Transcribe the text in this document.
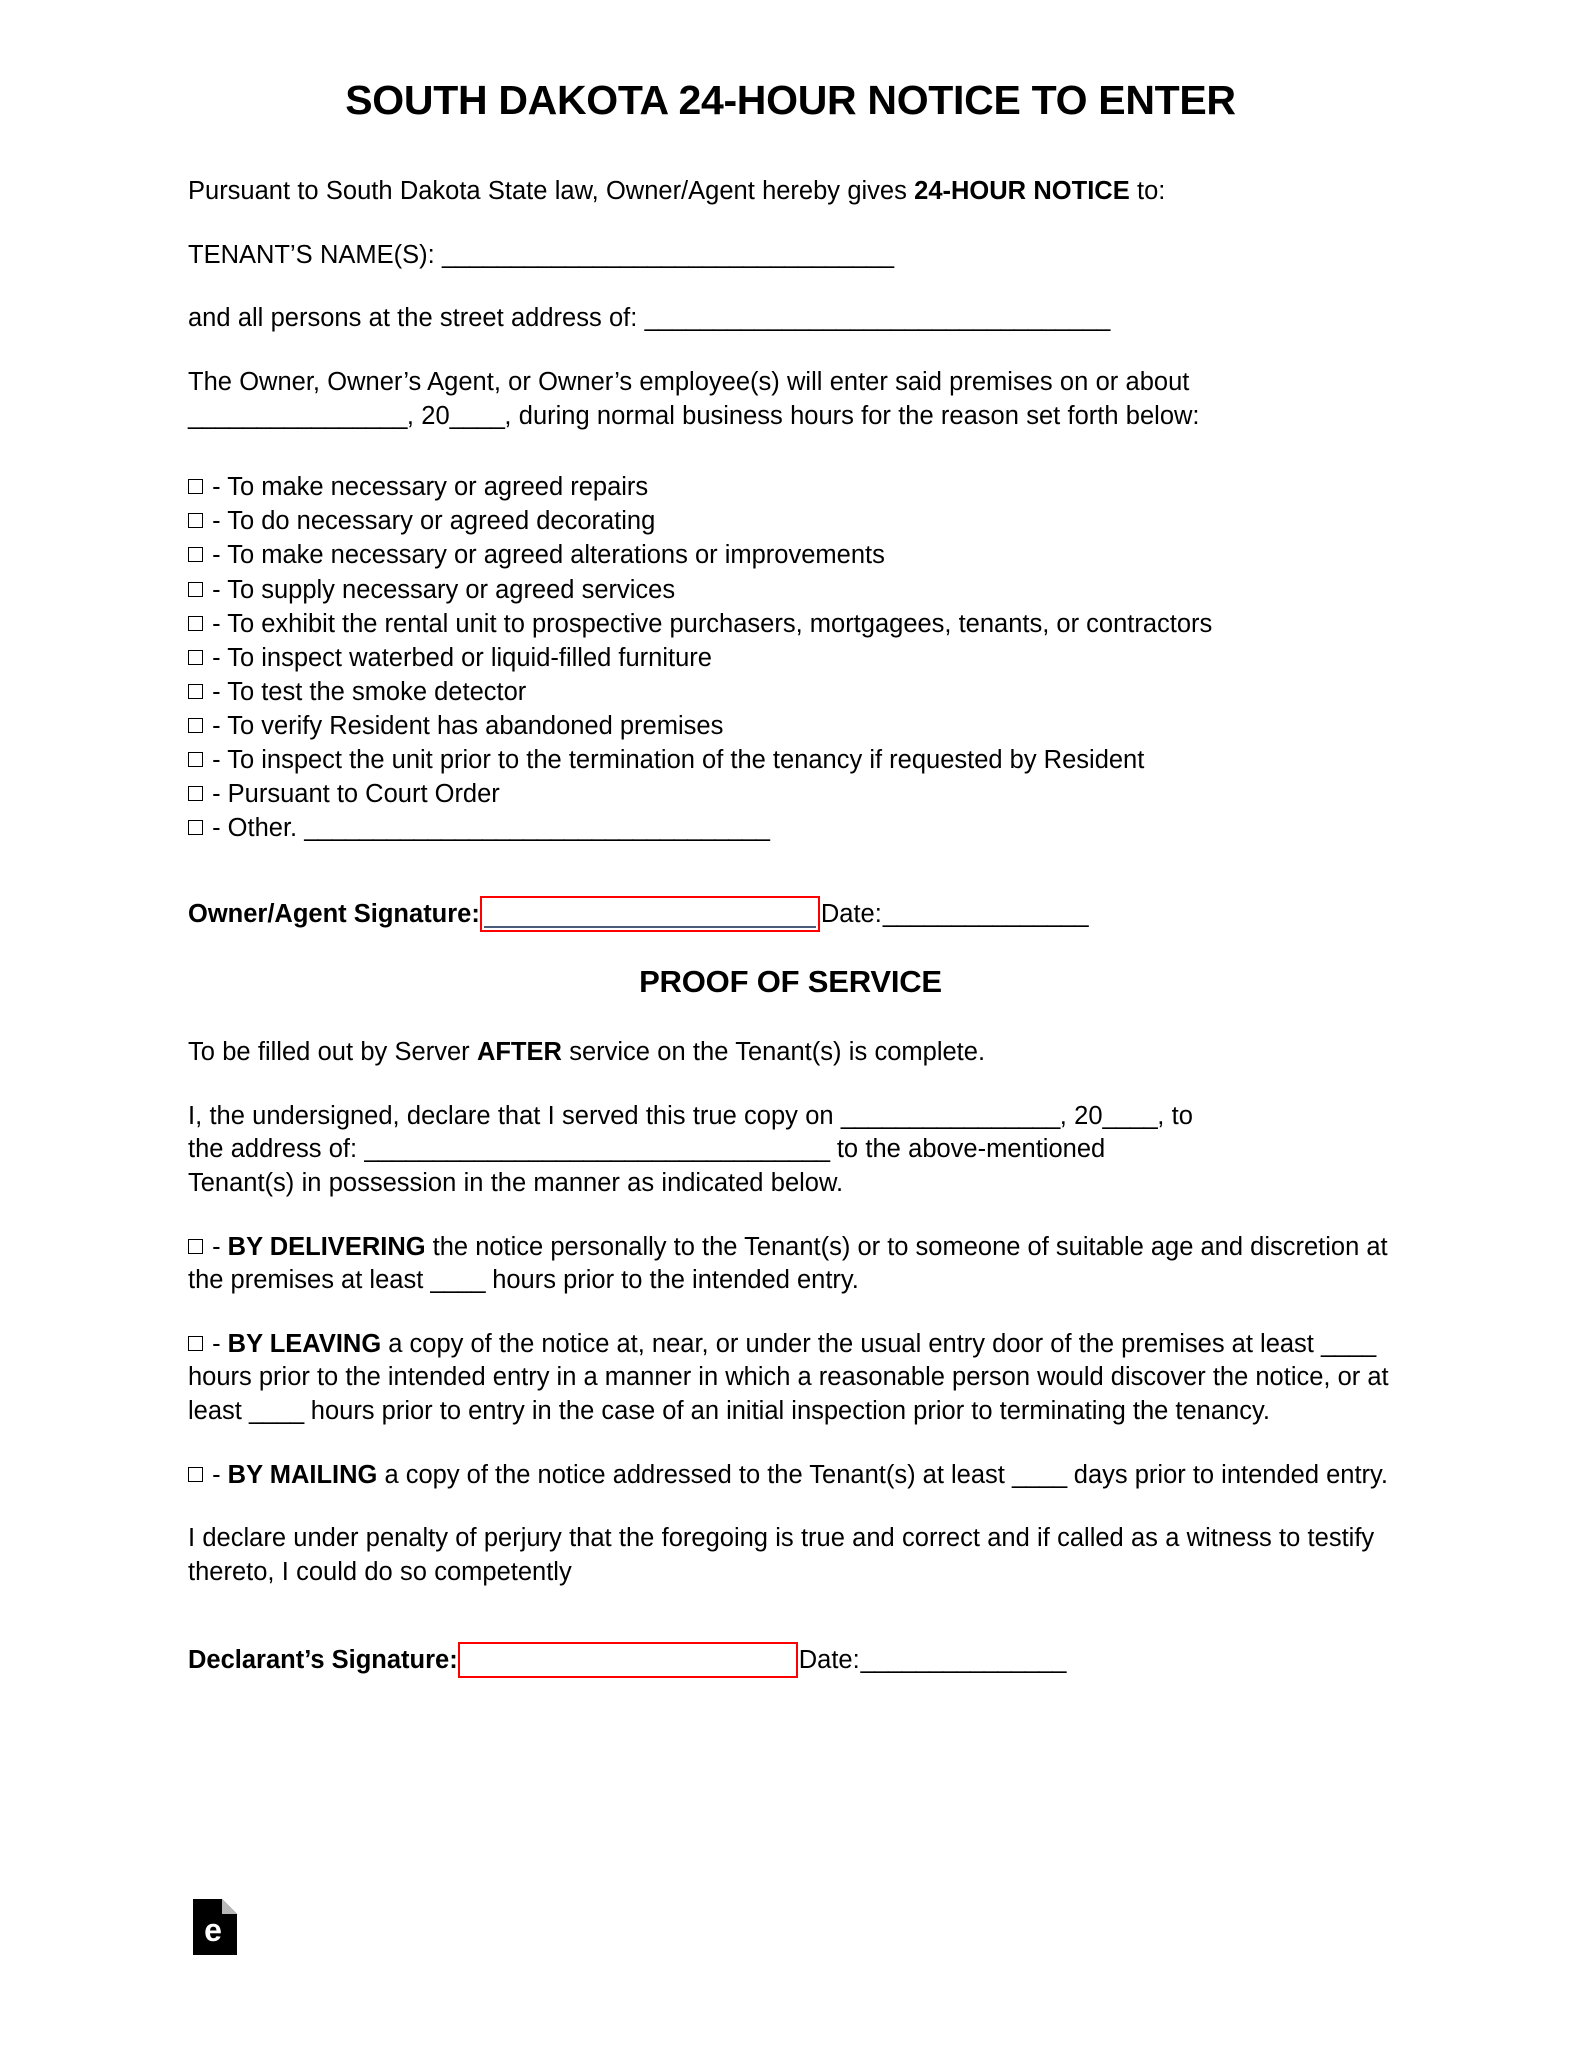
SOUTH DAKOTA 24-HOUR NOTICE TO ENTER

Pursuant to South Dakota State law, Owner/Agent hereby gives 24-HOUR NOTICE to:

TENANT’S NAME(S): _________________________________

and all persons at the street address of: __________________________________

The Owner, Owner’s Agent, or Owner’s employee(s) will enter said premises on or about
________________, 20____, during normal business hours for the reason set forth below:

- To make necessary or agreed repairs
- To do necessary or agreed decorating
- To make necessary or agreed alterations or improvements
- To supply necessary or agreed services
- To exhibit the rental unit to prospective purchasers, mortgagees, tenants, or contractors
- To inspect waterbed or liquid-filled furniture
- To test the smoke detector
- To verify Resident has abandoned premises
- To inspect the unit prior to the termination of the tenancy if requested by Resident
- Pursuant to Court Order
- Other. __________________________________
Owner/Agent Signature:	Date: _______________
PROOF OF SERVICE

To be filled out by Server AFTER service on the Tenant(s) is complete.

I, the undersigned, declare that I served this true copy on ________________, 20____, to
the address of: __________________________________ to the above-mentioned
Tenant(s) in possession in the manner as indicated below.

- BY DELIVERING the notice personally to the Tenant(s) or to someone of suitable age and discretion at the premises at least ____ hours prior to the intended entry.

- BY LEAVING a copy of the notice at, near, or under the usual entry door of the premises at least ____ hours prior to the intended entry in a manner in which a reasonable person would discover the notice, or at least ____ hours prior to entry in the case of an initial inspection prior to terminating the tenancy.

- BY MAILING a copy of the notice addressed to the Tenant(s) at least ____ days prior to intended entry.

I declare under penalty of perjury that the foregoing is true and correct and if called as a witness to testify thereto, I could do so competently

Declarant’s Signature:	Date: _______________
e
